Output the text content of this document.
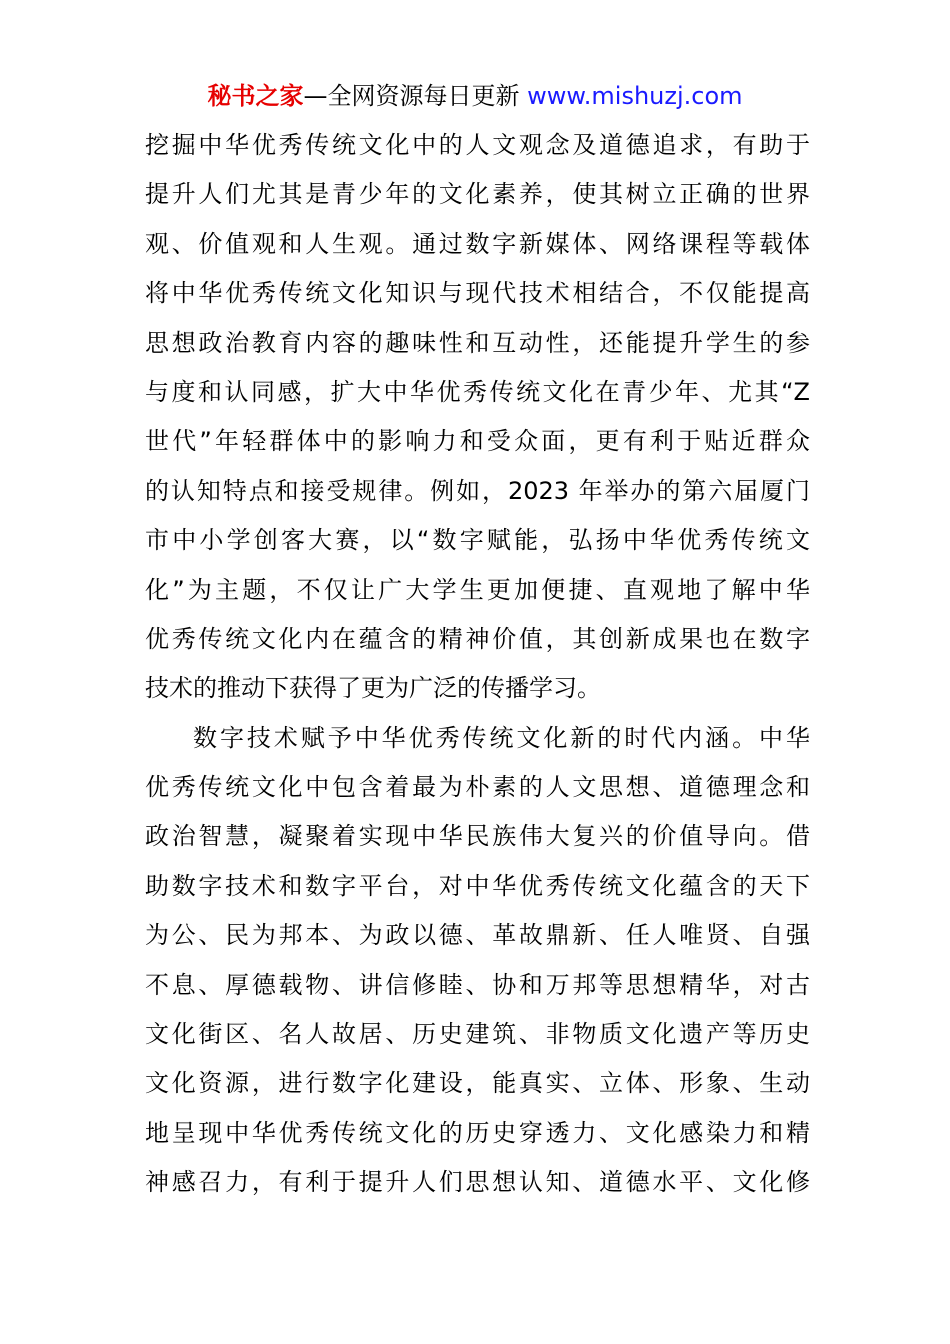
秘书之家—全网资源每日更新 www.mishuzj.com
挖掘中华优秀传统文化中的人文观念及道德追求，有助于
提升人们尤其是青少年的文化素养，使其树立正确的世界
观、价值观和人生观。通过数字新媒体、网络课程等载体
将中华优秀传统文化知识与现代技术相结合，不仅能提高
思想政治教育内容的趣味性和互动性，还能提升学生的参
与度和认同感，扩大中华优秀传统文化在青少年、尤其“Z
世代”年轻群体中的影响力和受众面，更有利于贴近群众
的认知特点和接受规律。例如，2023 年举办的第六届厦门
市中小学创客大赛，以“数字赋能，弘扬中华优秀传统文
化”为主题，不仅让广大学生更加便捷、直观地了解中华
优秀传统文化内在蕴含的精神价值，其创新成果也在数字
技术的推动下获得了更为广泛的传播学习。
数字技术赋予中华优秀传统文化新的时代内涵。中华
优秀传统文化中包含着最为朴素的人文思想、道德理念和
政治智慧，凝聚着实现中华民族伟大复兴的价值导向。借
助数字技术和数字平台，对中华优秀传统文化蕴含的天下
为公、民为邦本、为政以德、革故鼎新、任人唯贤、自强
不息、厚德载物、讲信修睦、协和万邦等思想精华，对古
文化街区、名人故居、历史建筑、非物质文化遗产等历史
文化资源，进行数字化建设，能真实、立体、形象、生动
地呈现中华优秀传统文化的历史穿透力、文化感染力和精
神感召力，有利于提升人们思想认知、道德水平、文化修
